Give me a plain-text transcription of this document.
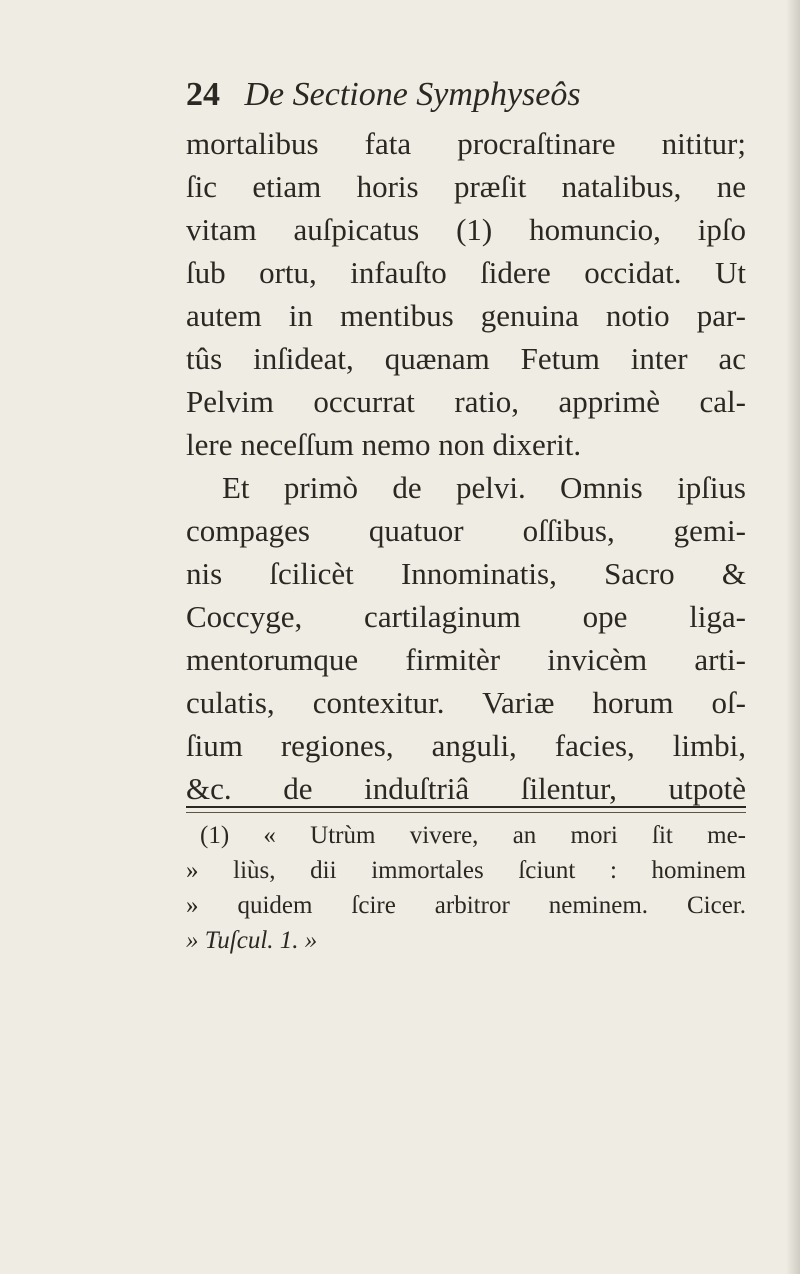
24 De Sectione Symphyseôs
mortalibus fata procraſtinare nititur;
ſic etiam horis præſit natalibus, ne
vitam auſpicatus (1) homuncio, ipſo
ſub ortu, infauſto ſidere occidat. Ut
autem in mentibus genuina notio par-
tûs inſideat, quænam Fetum inter ac
Pelvim occurrat ratio, apprimè cal-
lere neceſſum nemo non dixerit.
Et primò de pelvi. Omnis ipſius
compages quatuor oſſibus, gemi-
nis ſcilicèt Innominatis, Sacro &
Coccyge, cartilaginum ope liga-
mentorumque firmitèr invicèm arti-
culatis, contexitur. Variæ horum oſ-
ſium regiones, anguli, facies, limbi,
&c. de induſtriâ ſilentur, utpotè
(1) « Utrùm vivere, an mori ſit me-
» liùs, dii immortales ſciunt : hominem
» quidem ſcire arbitror neminem. Cicer.
» Tuſcul. 1. »
